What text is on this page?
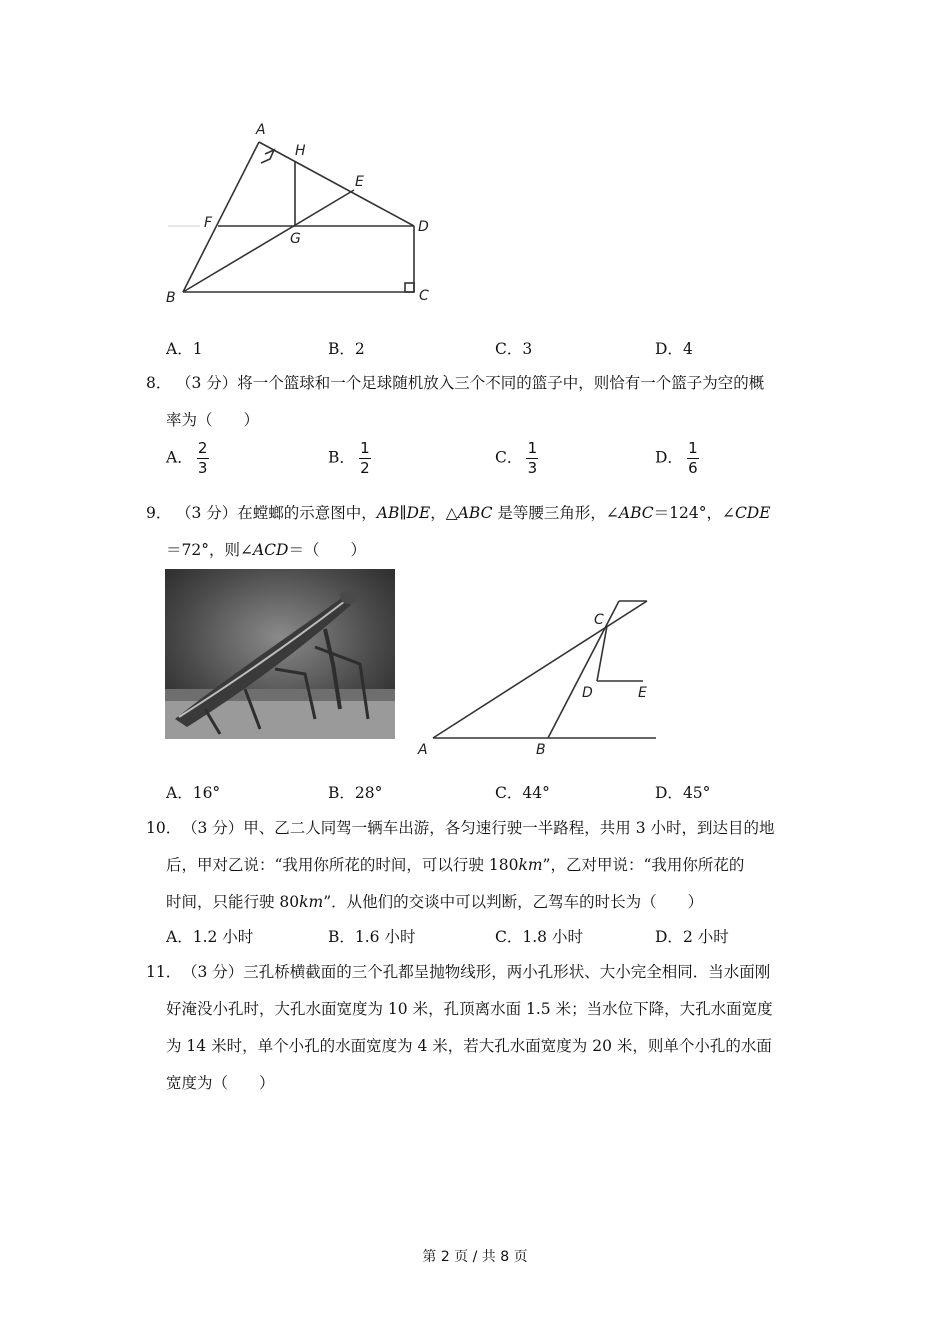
A
H
E
F
G
D
B	C
A．1	B．2	C．3	D．4
8． （3 分）将一个篮球和一个足球随机放入三个不同的篮子中，则恰有一个篮子为空的概
率为（　　）
A． $\frac{2}{3}$	B． $\frac{1}{2}$	C． $\frac{1}{3}$	D． $\frac{1}{6}$
9． （3 分）在螳螂的示意图中，AB∥DE，△ABC 是等腰三角形，∠ABC＝124°，∠CDE
＝72°，则∠ACD＝（　　）
C
D	E
A	B
A．16°	B．28°	C．44°	D．45°
10． （3 分）甲、乙二人同驾一辆车出游，各匀速行驶一半路程，共用 3 小时，到达目的地
后，甲对乙说：“我用你所花的时间，可以行驶 180km”，乙对甲说：“我用你所花的
时间，只能行驶 80km”．从他们的交谈中可以判断，乙驾车的时长为（　　）
A．1.2 小时	B．1.6 小时	C．1.8 小时	D．2 小时
11． （3 分）三孔桥横截面的三个孔都呈抛物线形，两小孔形状、大小完全相同．当水面刚
好淹没小孔时，大孔水面宽度为 10 米，孔顶离水面 1.5 米；当水位下降，大孔水面宽度
为 14 米时，单个小孔的水面宽度为 4 米，若大孔水面宽度为 20 米，则单个小孔的水面
宽度为（　　）
第 2 页 / 共 8 页
